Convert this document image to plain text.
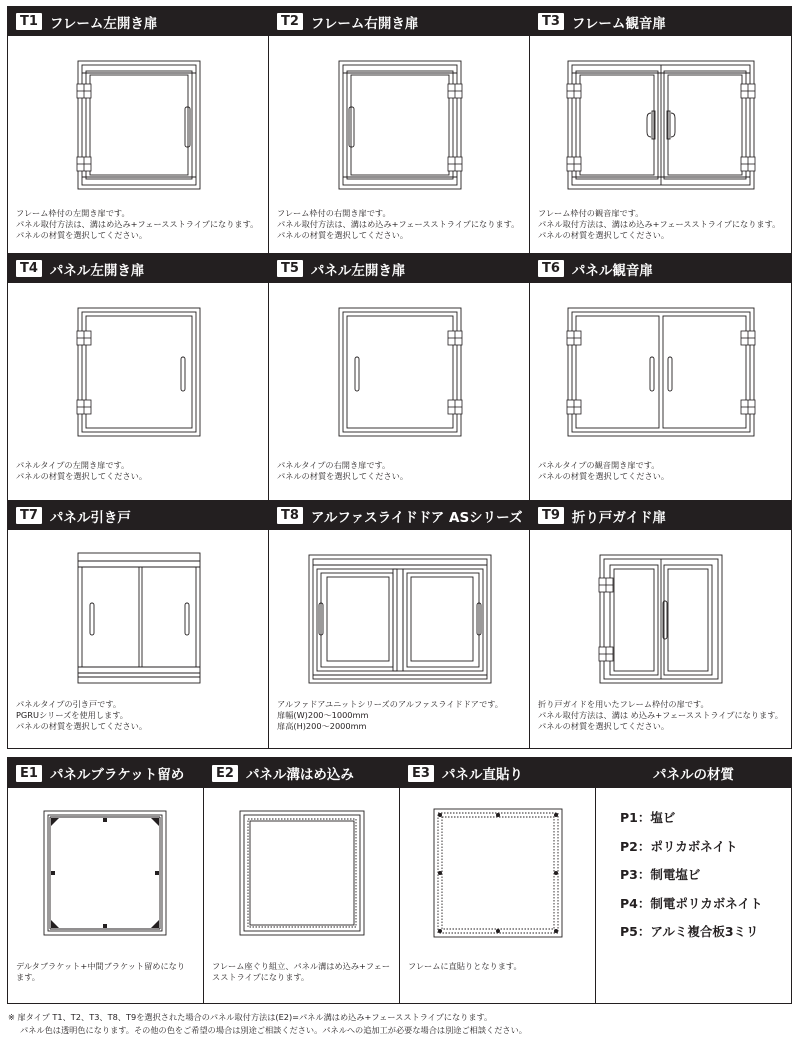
T1 フレーム左開き扉
フレーム枠付の左開き扉です。
パネル取付方法は、溝はめ込み+フェースストライプになります。
パネルの材質を選択してください。
T2 フレーム右開き扉
フレーム枠付の右開き扉です。
パネル取付方法は、溝はめ込み+フェースストライプになります。
パネルの材質を選択してください。
T3 フレーム観音扉
フレーム枠付の観音扉です。
パネル取付方法は、溝はめ込み+フェースストライプになります。
パネルの材質を選択してください。
T4 パネル左開き扉
パネルタイプの左開き扉です。
パネルの材質を選択してください。
T5 パネル左開き扉
パネルタイプの右開き扉です。
パネルの材質を選択してください。
T6 パネル観音扉
パネルタイプの観音開き扉です。
パネルの材質を選択してください。
T7 パネル引き戸
パネルタイプの引き戸です。
PGRUシリーズを使用します。
パネルの材質を選択してください。
T8 アルファスライドドア ASシリーズ
アルファドアユニットシリーズのアルファスライドドアです。
扉幅(W)200〜1000mm
扉高(H)200〜2000mm
T9 折り戸ガイド扉
折り戸ガイドを用いたフレーム枠付の扉です。
パネル取付方法は、溝は め込み+フェースストライプになります。
パネルの材質を選択してください。
E1 パネルブラケット留め
デルタブラケット+中間ブラケット留めになり
ます。
E2 パネル溝はめ込み
フレーム座ぐり組立、パネル溝はめ込み+フェー
スストライプになります。
E3 パネル直貼り
フレームに直貼りとなります。
パネルの材質
P1：塩ビ
P2：ポリカボネイト
P3：制電塩ビ
P4：制電ポリカボネイト
P5：アルミ複合板3ミリ
※ 扉タイプ T1、T2、T3、T8、T9を選択された場合のパネル取付方法は(E2)=パネル溝はめ込み+フェースストライプになります。
パネル色は透明色になります。その他の色をご希望の場合は別途ご相談ください。パネルへの追加工が必要な場合は別途ご相談ください。
